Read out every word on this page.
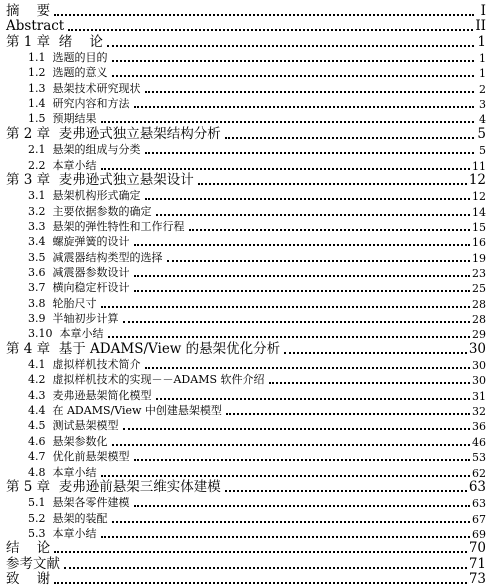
摘    要	I
Abstract	II
第 1 章  绪    论	1
1.1  选题的目的	1
1.2  选题的意义	1
1.3  悬架技术研究现状	2
1.4  研究内容和方法	3
1.5  预期结果	4
第 2 章  麦弗逊式独立悬架结构分析	5
2.1  悬架的组成与分类	5
2.2  本章小结	11
第 3 章  麦弗逊式独立悬架设计	12
3.1  悬架机构形式确定	12
3.2  主要依据参数的确定	14
3.3  悬架的弹性特性和工作行程	15
3.4  螺旋弹簧的设计	16
3.5  减震器结构类型的选择	19
3.6  减震器参数设计	23
3.7  横向稳定杆设计	25
3.8  轮胎尺寸	28
3.9  半轴初步计算	28
3.10  本章小结	29
第 4 章  基于 ADAMS/View 的悬架优化分析	30
4.1  虚拟样机技术简介	30
4.2  虚拟样机技术的实现－－ADAMS 软件介绍	30
4.3  麦弗逊悬架简化模型	31
4.4  在 ADAMS/View 中创建悬架模型	32
4.5  测试悬架模型	36
4.6  悬架参数化	46
4.7  优化前悬架模型	53
4.8  本章小结	62
第 5 章  麦弗逊前悬架三维实体建模	63
5.1  悬架各零件建模	63
5.2  悬架的装配	67
5.3  本章小结	69
结    论	70
参考文献	71
致    谢	73
